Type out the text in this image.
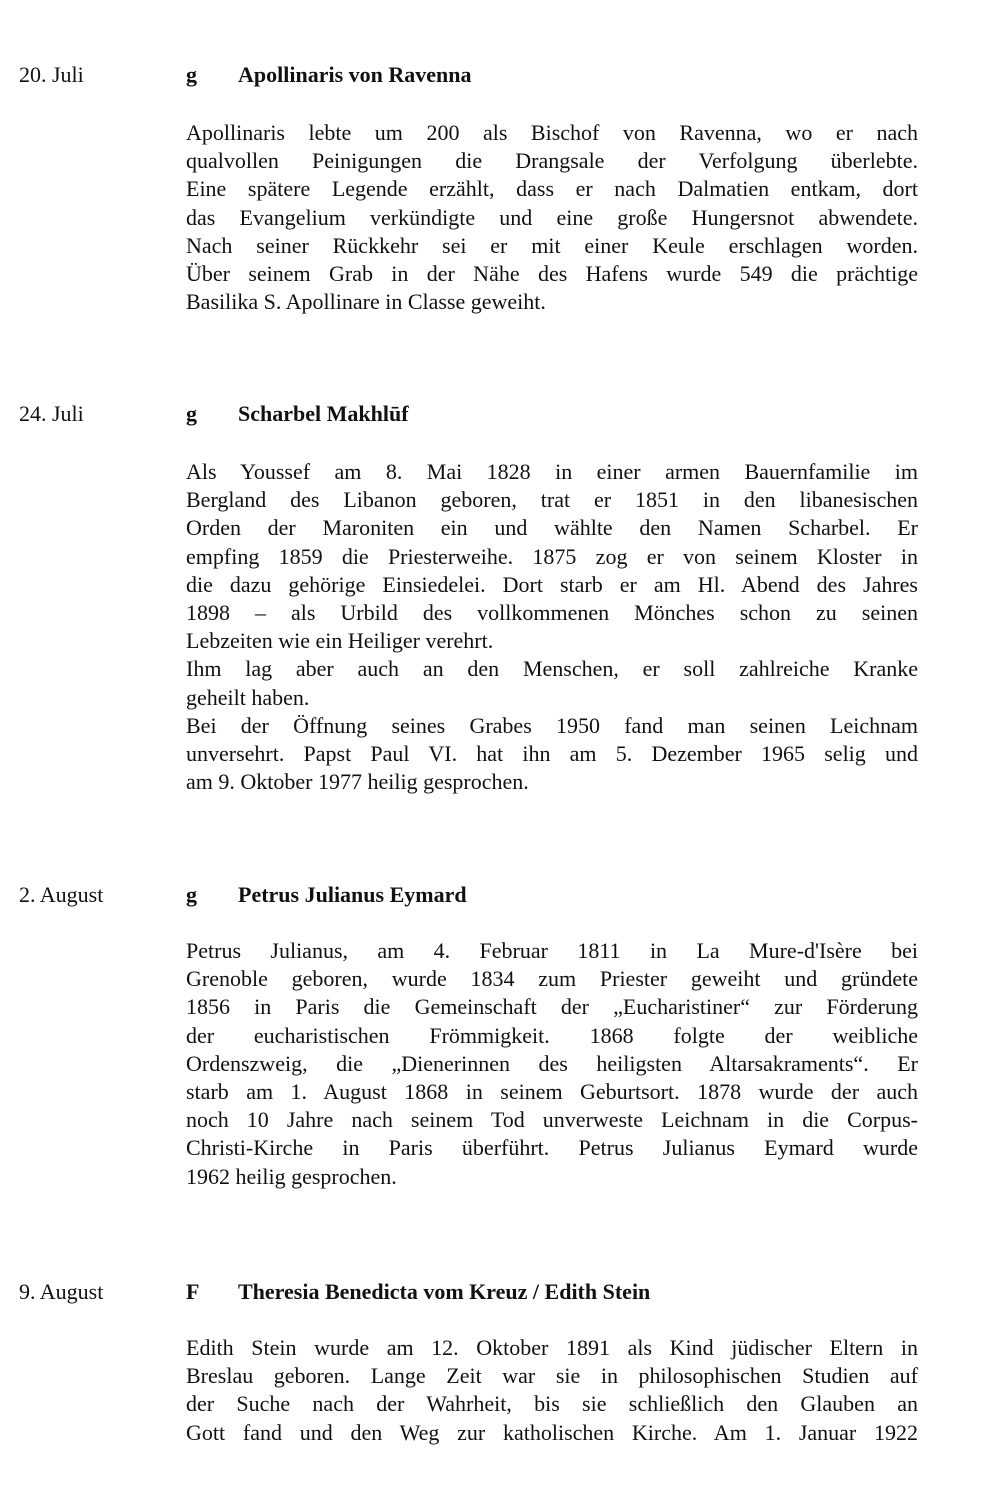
20. Juli	g Apollinaris von Ravenna
Apollinaris lebte um 200 als Bischof von Ravenna, wo er nach
qualvollen Peinigungen die Drangsale der Verfolgung überlebte.
Eine spätere Legende erzählt, dass er nach Dalmatien entkam, dort
das Evangelium verkündigte und eine große Hungersnot abwendete.
Nach seiner Rückkehr sei er mit einer Keule erschlagen worden.
Über seinem Grab in der Nähe des Hafens wurde 549 die prächtige
Basilika S. Apollinare in Classe geweiht.
24. Juli	g Scharbel Makhlūf
Als Youssef am 8. Mai 1828 in einer armen Bauernfamilie im
Bergland des Libanon geboren, trat er 1851 in den libanesischen
Orden der Maroniten ein und wählte den Namen Scharbel. Er
empfing 1859 die Priesterweihe. 1875 zog er von seinem Kloster in
die dazu gehörige Einsiedelei. Dort starb er am Hl. Abend des Jahres
1898 – als Urbild des vollkommenen Mönches schon zu seinen
Lebzeiten wie ein Heiliger verehrt.
Ihm lag aber auch an den Menschen, er soll zahlreiche Kranke
geheilt haben.
Bei der Öffnung seines Grabes 1950 fand man seinen Leichnam
unversehrt. Papst Paul VI. hat ihn am 5. Dezember 1965 selig und
am 9. Oktober 1977 heilig gesprochen.
2. August	g Petrus Julianus Eymard
Petrus Julianus, am 4. Februar 1811 in La Mure-d'Isère bei
Grenoble geboren, wurde 1834 zum Priester geweiht und gründete
1856 in Paris die Gemeinschaft der „Eucharistiner“ zur Förderung
der eucharistischen Frömmigkeit. 1868 folgte der weibliche
Ordenszweig, die „Dienerinnen des heiligsten Altarsakraments“. Er
starb am 1. August 1868 in seinem Geburtsort. 1878 wurde der auch
noch 10 Jahre nach seinem Tod unverweste Leichnam in die Corpus-
Christi-Kirche in Paris überführt. Petrus Julianus Eymard wurde
1962 heilig gesprochen.
9. August	F Theresia Benedicta vom Kreuz / Edith Stein
Edith Stein wurde am 12. Oktober 1891 als Kind jüdischer Eltern in
Breslau geboren. Lange Zeit war sie in philosophischen Studien auf
der Suche nach der Wahrheit, bis sie schließlich den Glauben an
Gott fand und den Weg zur katholischen Kirche. Am 1. Januar 1922
